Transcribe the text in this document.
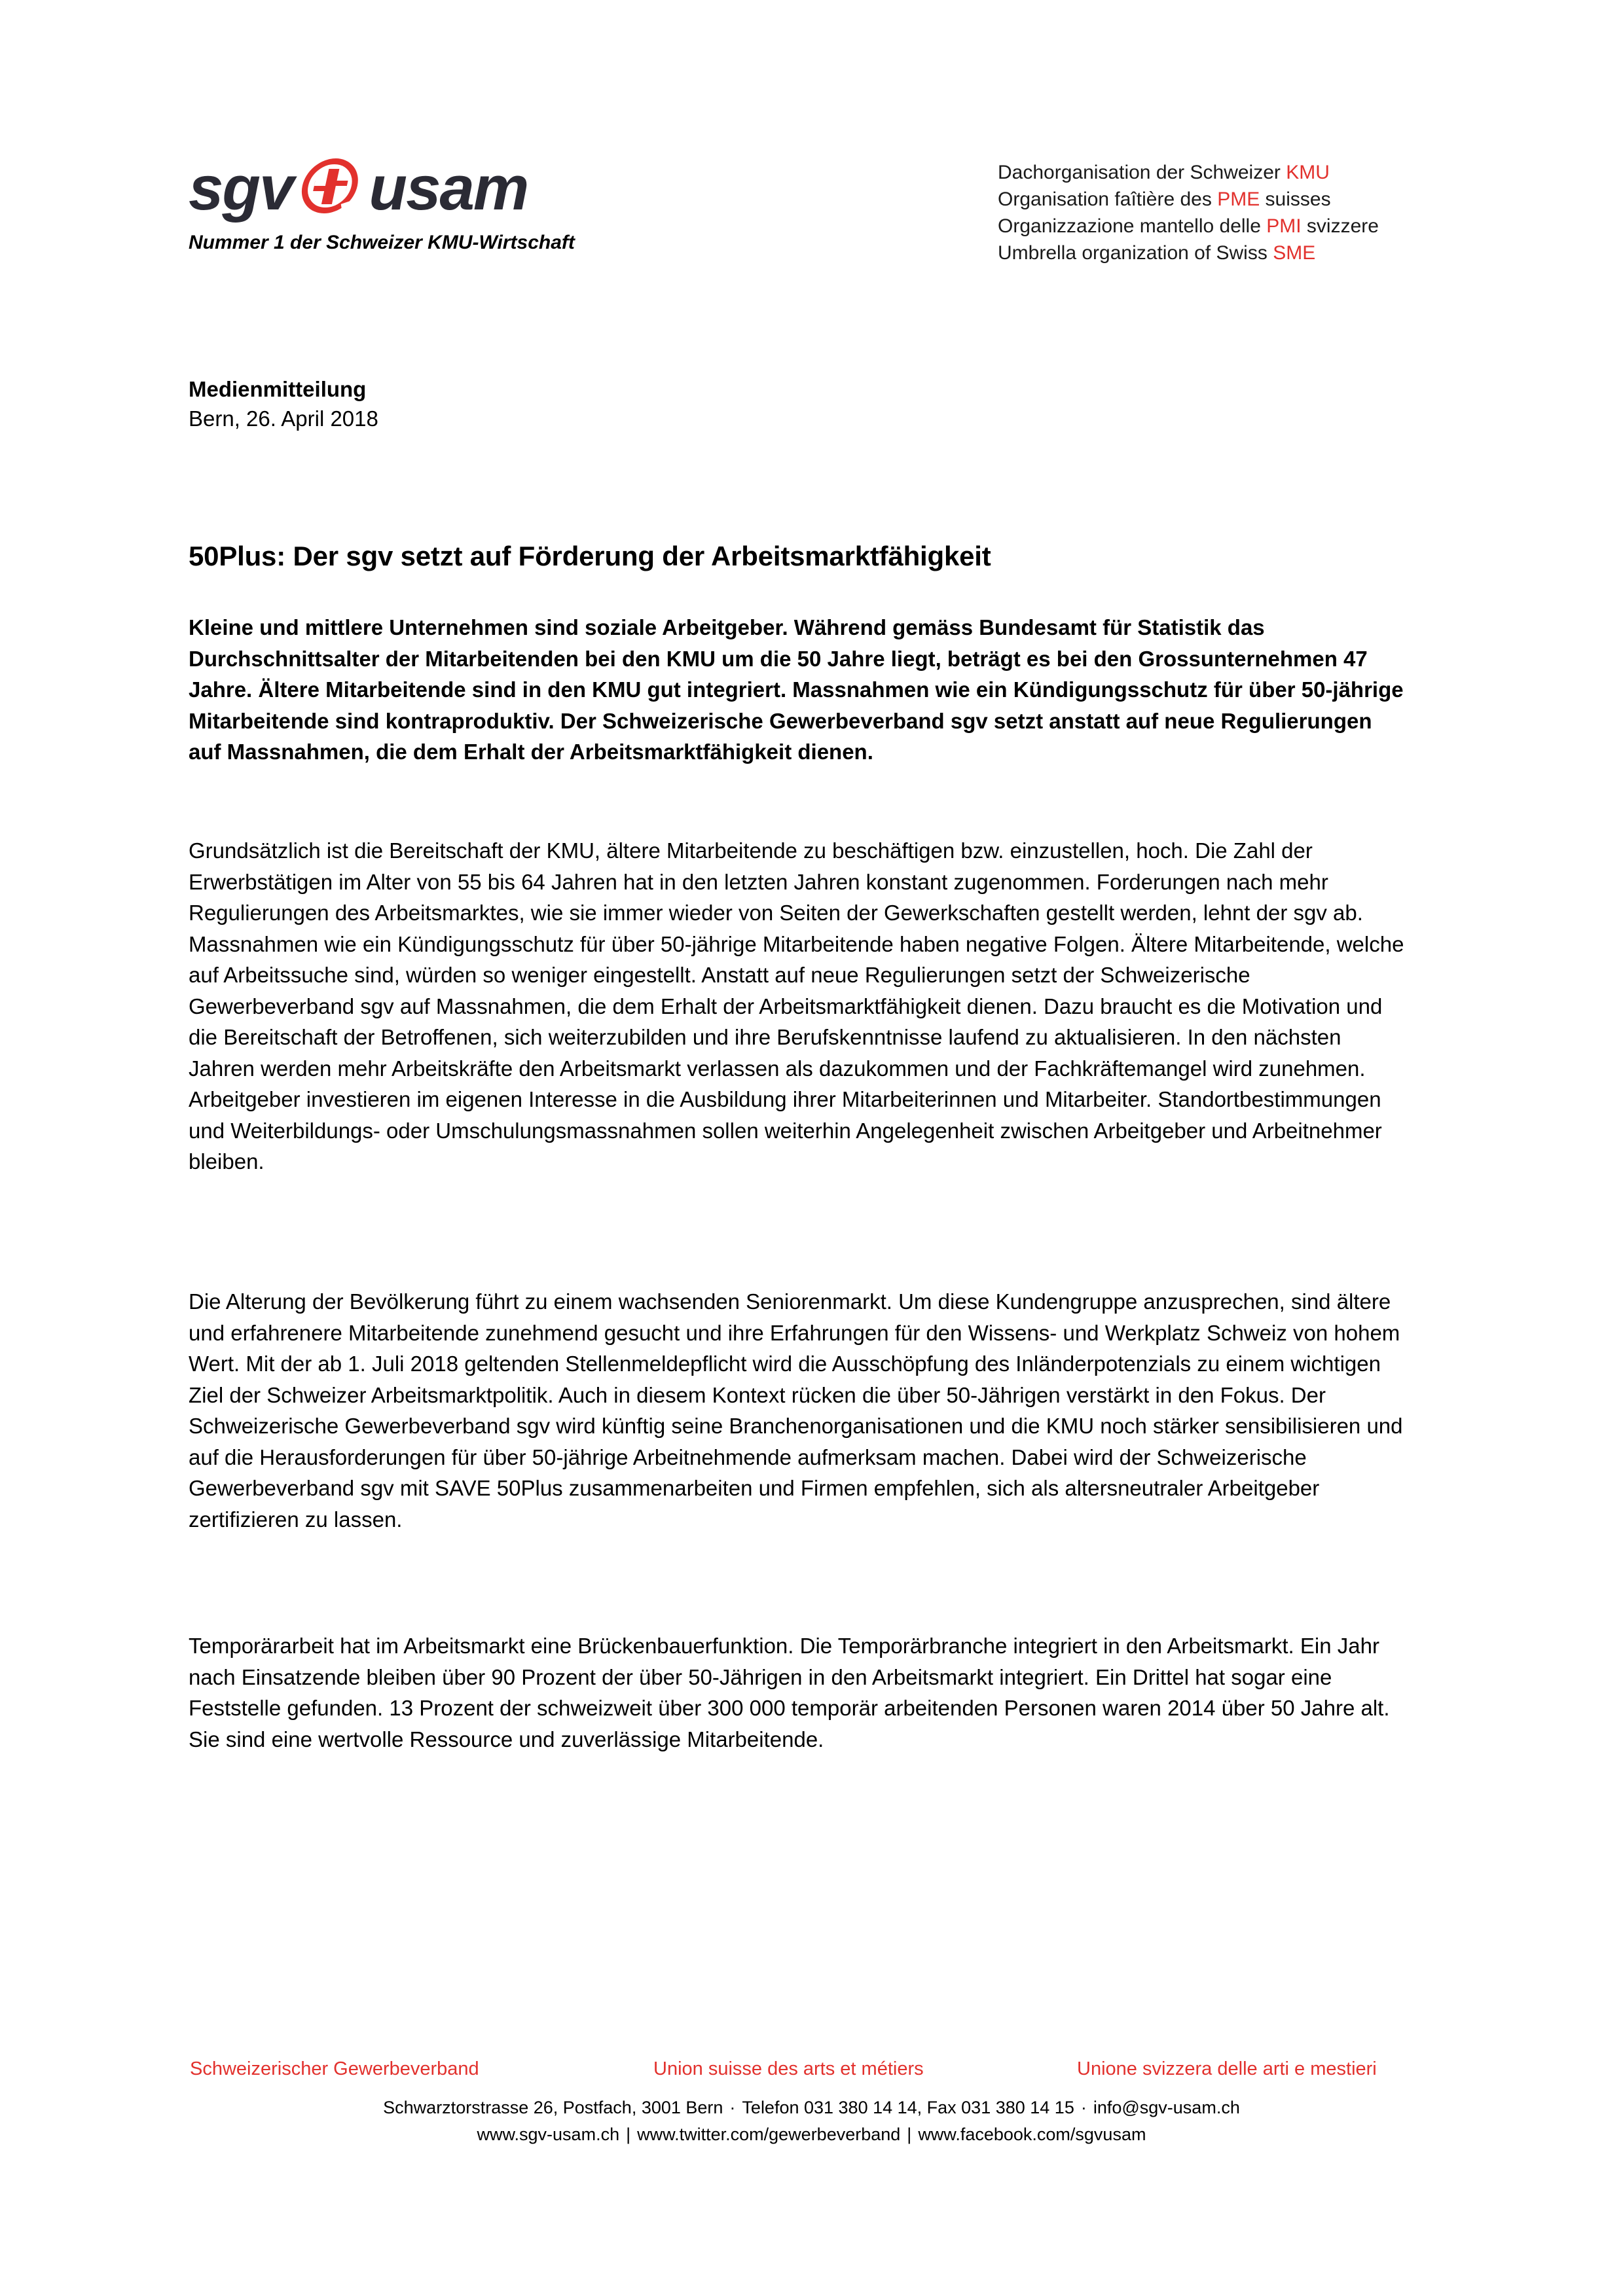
sgv usam
Nummer 1 der Schweizer KMU-Wirtschaft
Dachorganisation der Schweizer KMU
Organisation faîtière des PME suisses
Organizzazione mantello delle PMI svizzere
Umbrella organization of Swiss SME
Medienmitteilung
Bern, 26. April 2018
50Plus: Der sgv setzt auf Förderung der Arbeitsmarktfähigkeit
Kleine und mittlere Unternehmen sind soziale Arbeitgeber. Während gemäss Bundesamt für Statistik das Durchschnittsalter der Mitarbeitenden bei den KMU um die 50 Jahre liegt, beträgt es bei den Grossunternehmen 47 Jahre. Ältere Mitarbeitende sind in den KMU gut integriert. Massnahmen wie ein Kündigungsschutz für über 50-jährige Mitarbeitende sind kontraproduktiv. Der Schweizerische Gewerbeverband sgv setzt anstatt auf neue Regulierungen auf Massnahmen, die dem Erhalt der Arbeitsmarktfähigkeit dienen.
Grundsätzlich ist die Bereitschaft der KMU, ältere Mitarbeitende zu beschäftigen bzw. einzustellen, hoch. Die Zahl der Erwerbstätigen im Alter von 55 bis 64 Jahren hat in den letzten Jahren konstant zugenommen. Forderungen nach mehr Regulierungen des Arbeitsmarktes, wie sie immer wieder von Seiten der Gewerkschaften gestellt werden, lehnt der sgv ab. Massnahmen wie ein Kündigungsschutz für über 50-jährige Mitarbeitende haben negative Folgen. Ältere Mitarbeitende, welche auf Arbeitssuche sind, würden so weniger eingestellt. Anstatt auf neue Regulierungen setzt der Schweizerische Gewerbeverband sgv auf Massnahmen, die dem Erhalt der Arbeitsmarktfähigkeit dienen. Dazu braucht es die Motivation und die Bereitschaft der Betroffenen, sich weiterzubilden und ihre Berufskenntnisse laufend zu aktualisieren. In den nächsten Jahren werden mehr Arbeitskräfte den Arbeitsmarkt verlassen als dazukommen und der Fachkräftemangel wird zunehmen. Arbeitgeber investieren im eigenen Interesse in die Ausbildung ihrer Mitarbeiterinnen und Mitarbeiter. Standortbestimmungen und Weiterbildungs- oder Umschulungsmassnahmen sollen weiterhin Angelegenheit zwischen Arbeitgeber und Arbeitnehmer bleiben.
Die Alterung der Bevölkerung führt zu einem wachsenden Seniorenmarkt. Um diese Kundengruppe anzusprechen, sind ältere und erfahrenere Mitarbeitende zunehmend gesucht und ihre Erfahrungen für den Wissens- und Werkplatz Schweiz von hohem Wert. Mit der ab 1. Juli 2018 geltenden Stellenmeldepflicht wird die Ausschöpfung des Inländerpotenzials zu einem wichtigen Ziel der Schweizer Arbeitsmarktpolitik. Auch in diesem Kontext rücken die über 50-Jährigen verstärkt in den Fokus. Der Schweizerische Gewerbeverband sgv wird künftig seine Branchenorganisationen und die KMU noch stärker sensibilisieren und auf die Herausforderungen für über 50-jährige Arbeitnehmende aufmerksam machen. Dabei wird der Schweizerische Gewerbeverband sgv mit SAVE 50Plus zusammenarbeiten und Firmen empfehlen, sich als altersneutraler Arbeitgeber zertifizieren zu lassen.
Temporärarbeit hat im Arbeitsmarkt eine Brückenbauerfunktion. Die Temporärbranche integriert in den Arbeitsmarkt. Ein Jahr nach Einsatzende bleiben über 90 Prozent der über 50-Jährigen in den Arbeitsmarkt integriert. Ein Drittel hat sogar eine Feststelle gefunden. 13 Prozent der schweizweit über 300 000 temporär arbeitenden Personen waren 2014 über 50 Jahre alt. Sie sind eine wertvolle Ressource und zuverlässige Mitarbeitende.
Schweizerischer Gewerbeverband	Union suisse des arts et métiers	Unione svizzera delle arti e mestieri
Schwarztorstrasse 26, Postfach, 3001 Bern · Telefon 031 380 14 14, Fax 031 380 14 15 · info@sgv-usam.ch
www.sgv-usam.ch | www.twitter.com/gewerbeverband | www.facebook.com/sgvusam
